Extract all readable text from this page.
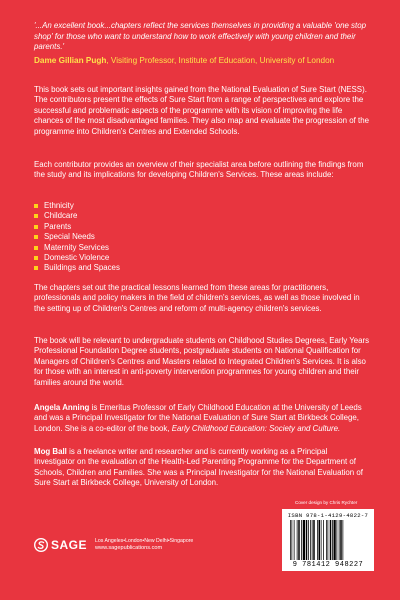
'...An excellent book...chapters reflect the services themselves in providing a valuable 'one stop shop' for those who want to understand how to work effectively with young children and their parents.'

Dame Gillian Pugh, Visiting Professor, Institute of Education, University of London

This book sets out important insights gained from the National Evaluation of Sure Start (NESS). The contributors present the effects of Sure Start from a range of perspectives and explore the successful and problematic aspects of the programme with its vision of improving the life chances of the most disadvantaged families. They also map and evaluate the progression of the programme into Children's Centres and Extended Schools.

Each contributor provides an overview of their specialist area before outlining the findings from the study and its implications for developing Children's Services. These areas include:

Ethnicity
Childcare
Parents
Special Needs
Maternity Services
Domestic Violence
Buildings and Spaces

The chapters set out the practical lessons learned from these areas for practitioners, professionals and policy makers in the field of children's services, as well as those involved in the setting up of Children's Centres and reform of multi-agency children's services.

The book will be relevant to undergraduate students on Childhood Studies Degrees, Early Years Professional Foundation Degree students, postgraduate students on National Qualification for Managers of Children's Centres and Masters related to Integrated Children's Services. It is also for those with an interest in anti-poverty intervention programmes for young children and their families around the world.

Angela Anning is Emeritus Professor of Early Childhood Education at the University of Leeds and was a Principal Investigator for the National Evaluation of Sure Start at Birkbeck College, London. She is a co-editor of the book, Early Childhood Education: Society and Culture.

Mog Ball is a freelance writer and researcher and is currently working as a Principal Investigator on the evaluation of the Health-Led Parenting Programme for the Department of Schools, Children and Families. She was a Principal Investigator for the National Evaluation of Sure Start at Birkbeck College, University of London.

SAGE Los Angeles•London•New Delhi•Singapore
www.sagepublications.com
Cover design by Chris Rychter
ISBN 978-1-4129-4822-7
9 781412 948227
